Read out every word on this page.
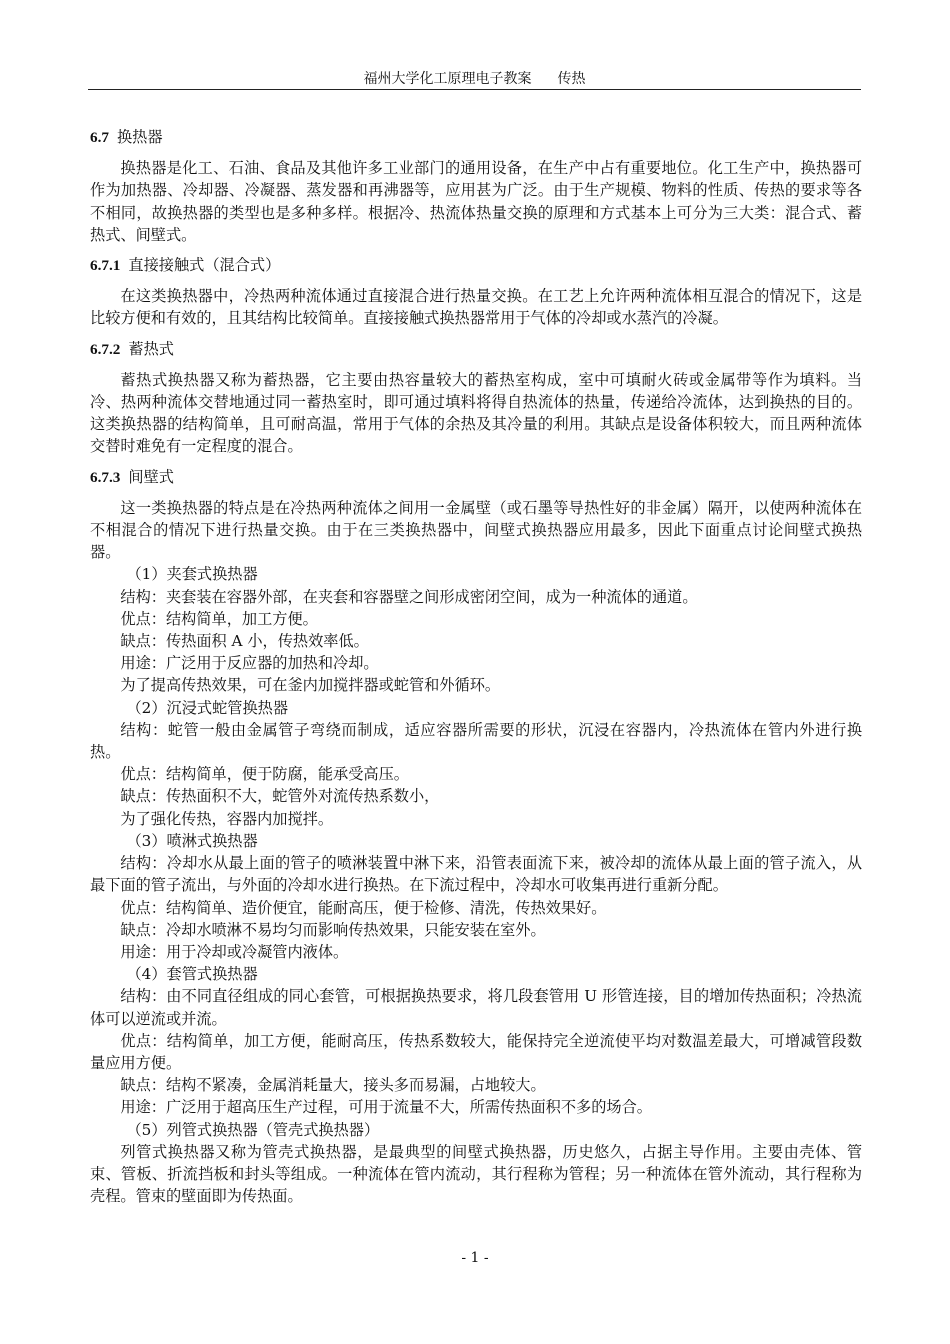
福州大学化工原理电子教案 传热
6.7 换热器

换热器是化工、石油、食品及其他许多工业部门的通用设备，在生产中占有重要地位。化工生产中，换热器可作为加热器、冷却器、冷凝器、蒸发器和再沸器等，应用甚为广泛。由于生产规模、物料的性质、传热的要求等各不相同，故换热器的类型也是多种多样。根据冷、热流体热量交换的原理和方式基本上可分为三大类：混合式、蓄热式、间壁式。

6.7.1 直接接触式（混合式）

在这类换热器中，冷热两种流体通过直接混合进行热量交换。在工艺上允许两种流体相互混合的情况下，这是比较方便和有效的，且其结构比较简单。直接接触式换热器常用于气体的冷却或水蒸汽的冷凝。

6.7.2 蓄热式

蓄热式换热器又称为蓄热器，它主要由热容量较大的蓄热室构成，室中可填耐火砖或金属带等作为填料。当冷、热两种流体交替地通过同一蓄热室时，即可通过填料将得自热流体的热量，传递给冷流体，达到换热的目的。这类换热器的结构简单，且可耐高温，常用于气体的余热及其冷量的利用。其缺点是设备体积较大，而且两种流体交替时难免有一定程度的混合。

6.7.3 间壁式

这一类换热器的特点是在冷热两种流体之间用一金属壁（或石墨等导热性好的非金属）隔开，以使两种流体在不相混合的情况下进行热量交换。由于在三类换热器中，间壁式换热器应用最多，因此下面重点讨论间壁式换热器。

（1）夹套式换热器

结构：夹套装在容器外部，在夹套和容器壁之间形成密闭空间，成为一种流体的通道。

优点：结构简单，加工方便。

缺点：传热面积 A 小，传热效率低。

用途：广泛用于反应器的加热和冷却。

为了提高传热效果，可在釜内加搅拌器或蛇管和外循环。

（2）沉浸式蛇管换热器

结构：蛇管一般由金属管子弯绕而制成，适应容器所需要的形状，沉浸在容器内，冷热流体在管内外进行换热。

优点：结构简单，便于防腐，能承受高压。

缺点：传热面积不大，蛇管外对流传热系数小，

为了强化传热，容器内加搅拌。

（3）喷淋式换热器

结构：冷却水从最上面的管子的喷淋装置中淋下来，沿管表面流下来，被冷却的流体从最上面的管子流入，从最下面的管子流出，与外面的冷却水进行换热。在下流过程中，冷却水可收集再进行重新分配。

优点：结构简单、造价便宜，能耐高压，便于检修、清洗，传热效果好。

缺点：冷却水喷淋不易均匀而影响传热效果，只能安装在室外。

用途：用于冷却或冷凝管内液体。

（4）套管式换热器

结构：由不同直径组成的同心套管，可根据换热要求，将几段套管用 U 形管连接，目的增加传热面积；冷热流体可以逆流或并流。

优点：结构简单，加工方便，能耐高压，传热系数较大，能保持完全逆流使平均对数温差最大，可增减管段数量应用方便。

缺点：结构不紧凑，金属消耗量大，接头多而易漏，占地较大。

用途：广泛用于超高压生产过程，可用于流量不大，所需传热面积不多的场合。

（5）列管式换热器（管壳式换热器）

列管式换热器又称为管壳式换热器，是最典型的间壁式换热器，历史悠久，占据主导作用。主要由壳体、管束、管板、折流挡板和封头等组成。一种流体在管内流动，其行程称为管程；另一种流体在管外流动，其行程称为壳程。管束的壁面即为传热面。

- 1 -
